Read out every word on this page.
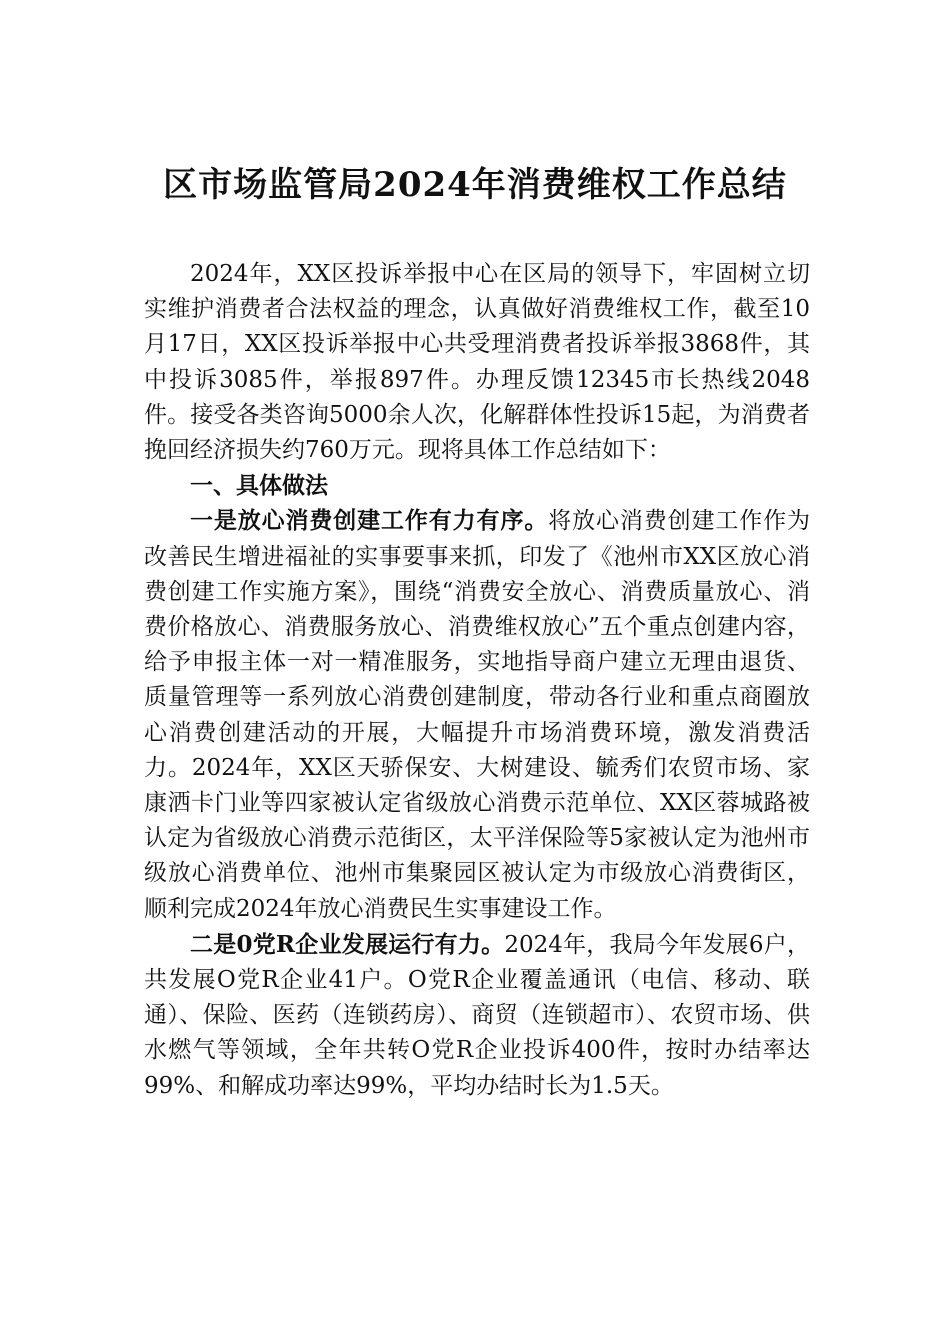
区市场监管局2024年消费维权工作总结

2024年，XX区投诉举报中心在区局的领导下，牢固树立切实维护消费者合法权益的理念，认真做好消费维权工作，截至10月17日，XX区投诉举报中心共受理消费者投诉举报3868件，其中投诉3085件，举报897件。办理反馈12345市长热线2048件。接受各类咨询5000余人次，化解群体性投诉15起，为消费者挽回经济损失约760万元。现将具体工作总结如下：

一、具体做法

一是放心消费创建工作有力有序。将放心消费创建工作作为改善民生增进福祉的实事要事来抓，印发了《池州市XX区放心消费创建工作实施方案》，围绕“消费安全放心、消费质量放心、消费价格放心、消费服务放心、消费维权放心”五个重点创建内容，给予申报主体一对一精准服务，实地指导商户建立无理由退货、质量管理等一系列放心消费创建制度，带动各行业和重点商圈放心消费创建活动的开展，大幅提升市场消费环境，激发消费活力。2024年，XX区天骄保安、大树建设、毓秀们农贸市场、家康洒卡门业等四家被认定省级放心消费示范单位、XX区蓉城路被认定为省级放心消费示范街区，太平洋保险等5家被认定为池州市级放心消费单位、池州市集聚园区被认定为市级放心消费街区，顺利完成2024年放心消费民生实事建设工作。

二是0党R企业发展运行有力。2024年，我局今年发展6户，共发展O党R企业41户。O党R企业覆盖通讯（电信、移动、联通）、保险、医药（连锁药房）、商贸（连锁超市）、农贸市场、供水燃气等领域，全年共转O党R企业投诉400件，按时办结率达99%、和解成功率达99%，平均办结时长为1.5天。
